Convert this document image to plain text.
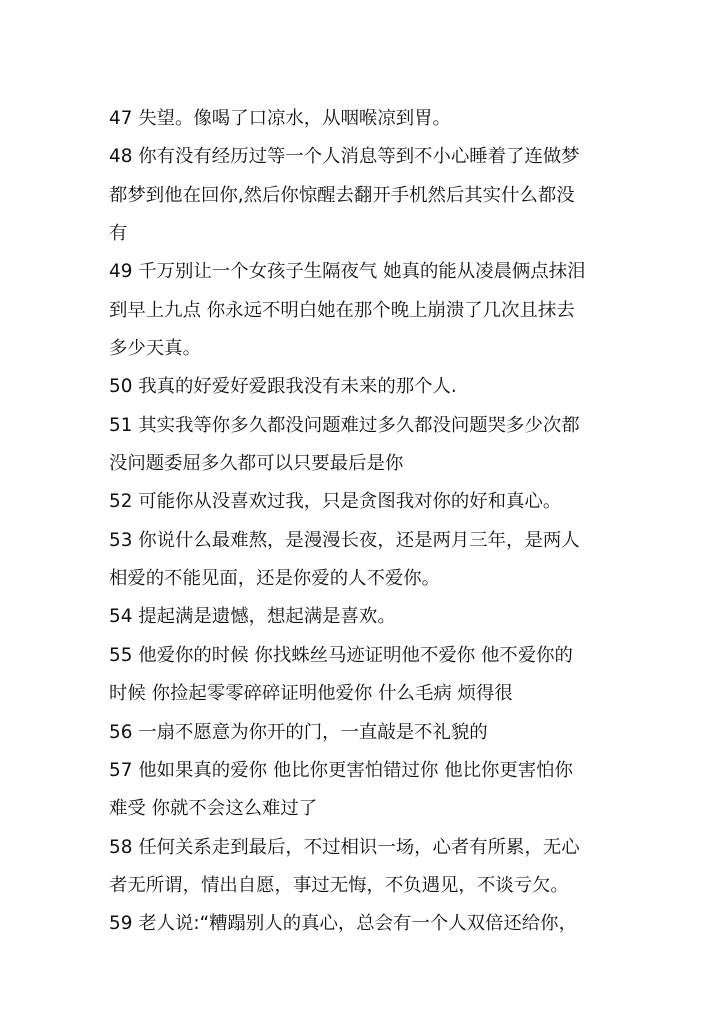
47 失望。像喝了口凉水，从咽喉凉到胃。
48 你有没有经历过等一个人消息等到不小心睡着了连做梦
都梦到他在回你,然后你惊醒去翻开手机然后其实什么都没
有
49 千万别让一个女孩子生隔夜气 她真的能从凌晨俩点抹泪
到早上九点 你永远不明白她在那个晚上崩溃了几次且抹去
多少天真。
50 我真的好爱好爱跟我没有未来的那个人.
51 其实我等你多久都没问题难过多久都没问题哭多少次都
没问题委屈多久都可以只要最后是你
52 可能你从没喜欢过我，只是贪图我对你的好和真心。
53 你说什么最难熬，是漫漫长夜，还是两月三年，是两人
相爱的不能见面，还是你爱的人不爱你。
54 提起满是遗憾，想起满是喜欢。
55 他爱你的时候 你找蛛丝马迹证明他不爱你 他不爱你的
时候 你捡起零零碎碎证明他爱你 什么毛病 烦得很
56 一扇不愿意为你开的门，一直敲是不礼貌的
57 他如果真的爱你 他比你更害怕错过你 他比你更害怕你
难受 你就不会这么难过了
58 任何关系走到最后，不过相识一场，心者有所累，无心
者无所谓，情出自愿，事过无悔，不负遇见，不谈亏欠。
59 老人说:“糟蹋别人的真心，总会有一个人双倍还给你，
